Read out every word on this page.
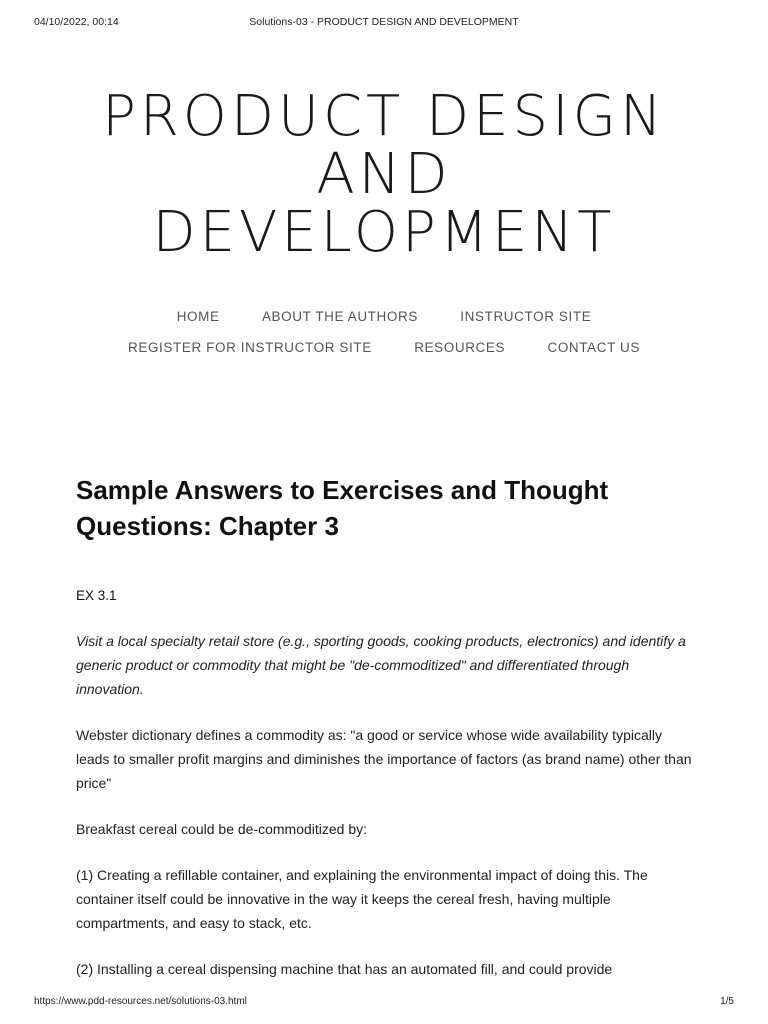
04/10/2022, 00:14	Solutions-03 - PRODUCT DESIGN AND DEVELOPMENT
PRODUCT DESIGN
AND
DEVELOPMENT
HOME	ABOUT THE AUTHORS	INSTRUCTOR SITE
REGISTER FOR INSTRUCTOR SITE	RESOURCES	CONTACT US
Sample Answers to Exercises and Thought Questions: Chapter 3
EX 3.1

Visit a local specialty retail store (e.g., sporting goods, cooking products, electronics) and identify a generic product or commodity that might be "de-commoditized" and differentiated through innovation.

Webster dictionary defines a commodity as: "a good or service whose wide availability typically leads to smaller profit margins and diminishes the importance of factors (as brand name) other than price"

Breakfast cereal could be de-commoditized by:

(1) Creating a refillable container, and explaining the environmental impact of doing this. The container itself could be innovative in the way it keeps the cereal fresh, having multiple compartments, and easy to stack, etc.

(2) Installing a cereal dispensing machine that has an automated fill, and could provide

https://www.pdd-resources.net/solutions-03.html	1/5
